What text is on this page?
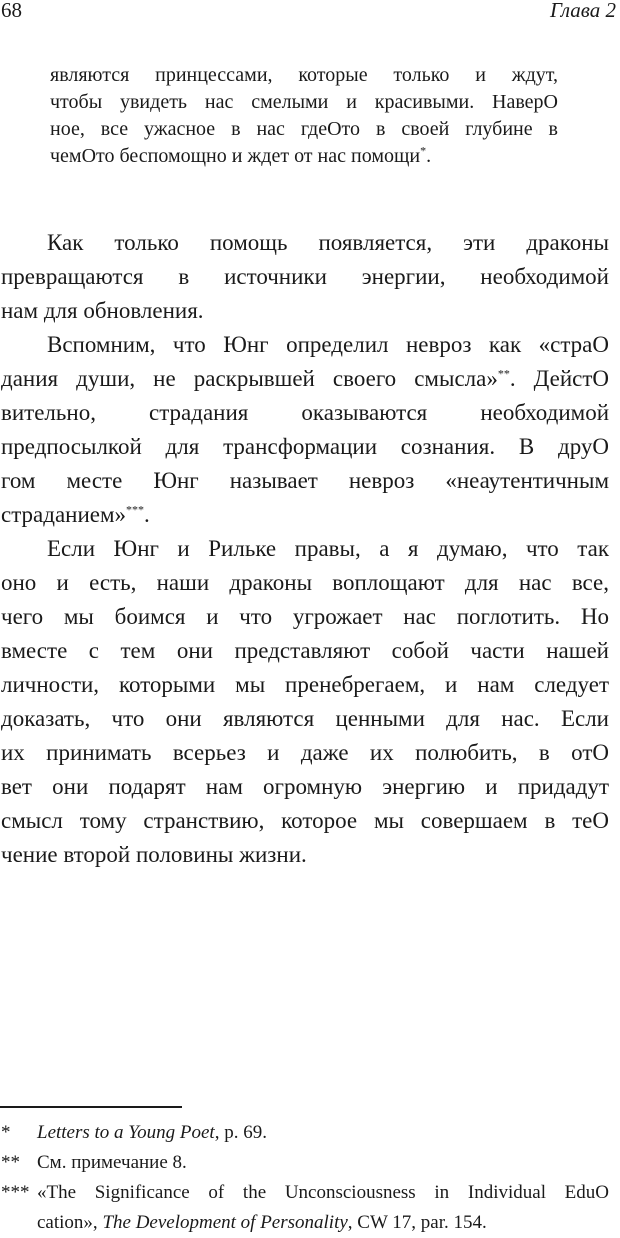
68	Глава 2
являются принцессами, которые только и ждут,
чтобы увидеть нас смелыми и красивыми. НаверО
ное, все ужасное в нас гдеОто в своей глубине в
чемОто беспомощно и ждет от нас помощи*.
Как только помощь появляется, эти драконы
превращаются в источники энергии, необходимой
нам для обновления.
Вспомним, что Юнг определил невроз как «страО
дания души, не раскрывшей своего смысла»**. ДейстО
вительно, страдания оказываются необходимой
предпосылкой для трансформации сознания. В друО
гом месте Юнг называет невроз «неаутентичным
страданием»***.
Если Юнг и Рильке правы, а я думаю, что так
оно и есть, наши драконы воплощают для нас все,
чего мы боимся и что угрожает нас поглотить. Но
вместе с тем они представляют собой части нашей
личности, которыми мы пренебрегаем, и нам следует
доказать, что они являются ценными для нас. Если
их принимать всерьез и даже их полюбить, в отО
вет они подарят нам огромную энергию и придадут
смысл тому странствию, которое мы совершаем в теО
чение второй половины жизни.
* Letters to a Young Poet, p. 69.
** См. примечание 8.
*** «The Significance of the Unconsciousness in Individual EduО
cation», The Development of Personality, CW 17, par. 154.
